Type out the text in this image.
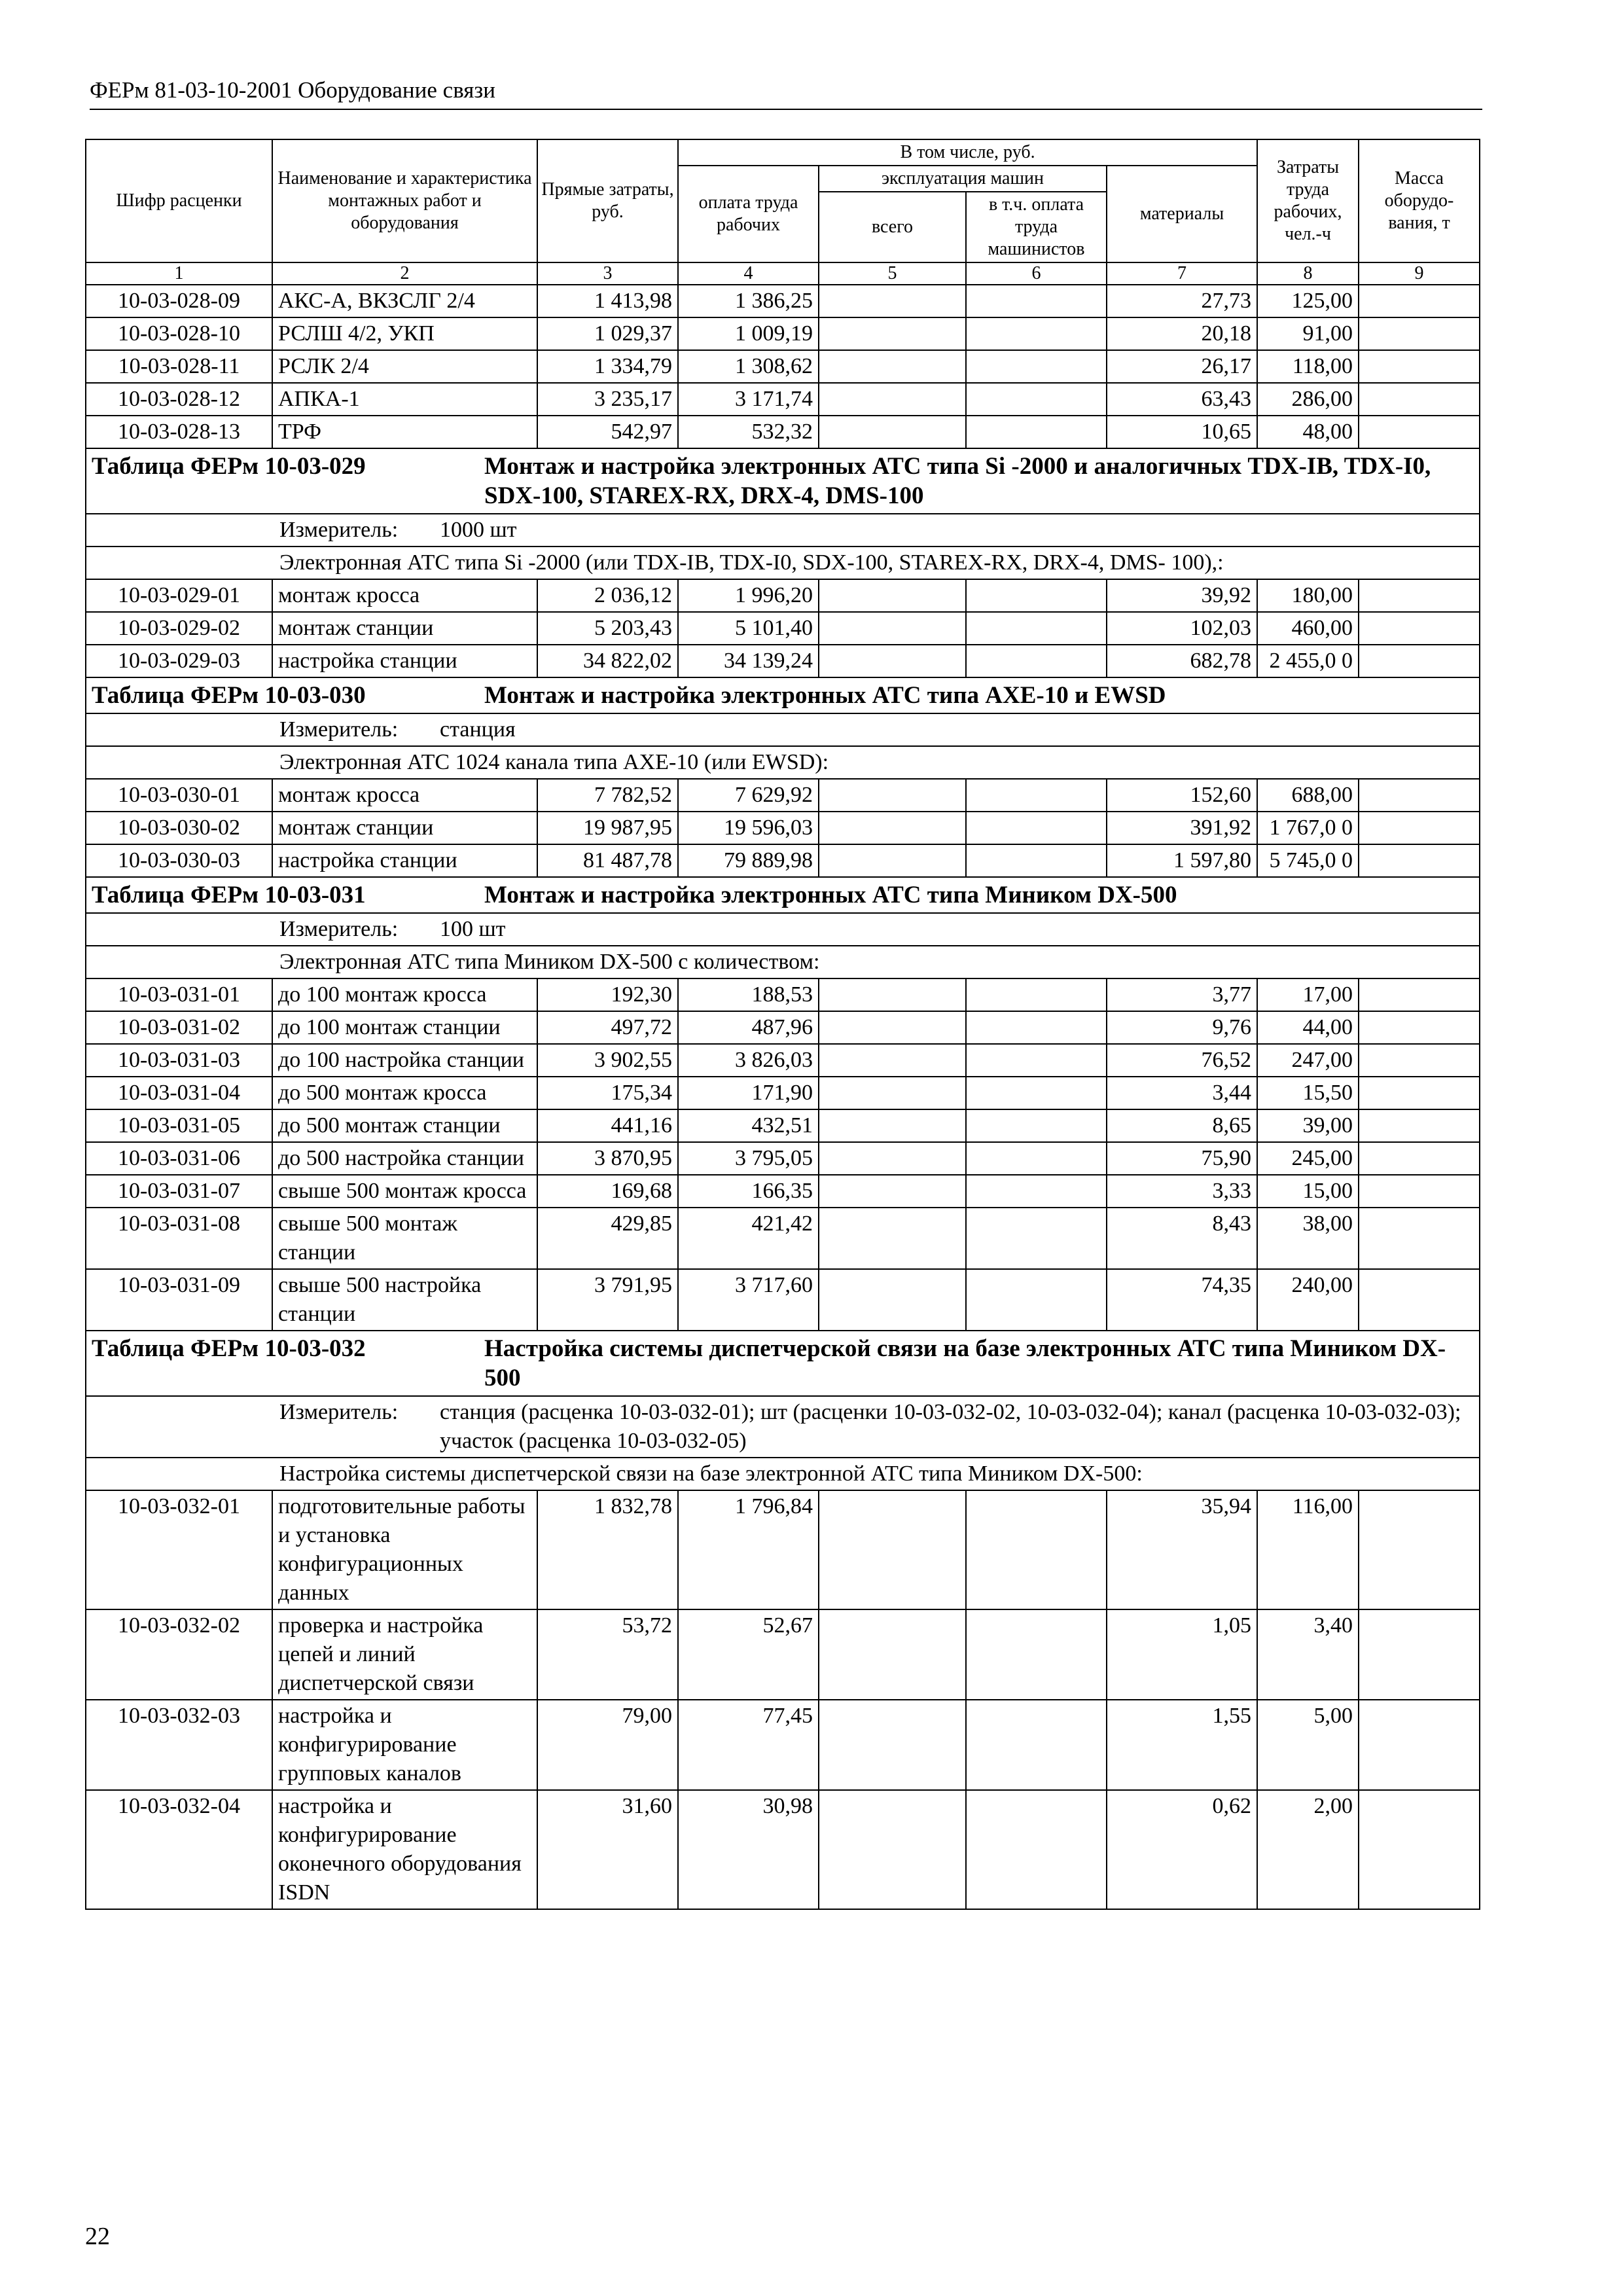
ФЕРм 81-03-10-2001 Оборудование связи
Шифр расценки	Наименование и характеристика монтажных работ и оборудования	Прямые затраты, руб.	В том числе, руб.				Затраты труда рабочих, чел.-ч	Масса оборудо-вания, т
			оплата труда рабочих	эксплуатация машин		материалы		
				всего	в т.ч. оплата труда машинистов			
1	2	3	4	5	6	7	8	9
10-03-028-09	АКС-А, ВКЗСЛГ 2/4	1 413,98	1 386,25			27,73	125,00	
10-03-028-10	РСЛШ 4/2, УКП	1 029,37	1 009,19			20,18	91,00	
10-03-028-11	РСЛК 2/4	1 334,79	1 308,62			26,17	118,00	
10-03-028-12	АПКА-1	3 235,17	3 171,74			63,43	286,00	
10-03-028-13	ТРФ	542,97	532,32			10,65	48,00	
Таблица ФЕРм 10-03-029 Монтаж и настройка электронных АТС типа Si -2000 и аналогичных TDX-IB, TDX-I0, SDX-100, STAREX-RX, DRX-4, DMS-100								
Измеритель: 1000 шт								
Электронная АТС типа Si -2000 (или TDX-IB, TDX-I0, SDX-100, STAREX-RX, DRX-4, DMS- 100),:								
10-03-029-01	монтаж кросса	2 036,12	1 996,20			39,92	180,00	
10-03-029-02	монтаж станции	5 203,43	5 101,40			102,03	460,00	
10-03-029-03	настройка станции	34 822,02	34 139,24			682,78	2 455,0 0	
Таблица ФЕРм 10-03-030 Монтаж и настройка электронных АТС типа AXE-10 и EWSD								
Измеритель: станция								
Электронная АТС 1024 канала типа AXE-10 (или EWSD):								
10-03-030-01	монтаж кросса	7 782,52	7 629,92			152,60	688,00	
10-03-030-02	монтаж станции	19 987,95	19 596,03			391,92	1 767,0 0	
10-03-030-03	настройка станции	81 487,78	79 889,98			1 597,80	5 745,0 0	
Таблица ФЕРм 10-03-031 Монтаж и настройка электронных АТС типа Миником DX-500								
Измеритель: 100 шт								
Электронная АТС типа Миником DX-500 с количеством:								
10-03-031-01	до 100 монтаж кросса	192,30	188,53			3,77	17,00	
10-03-031-02	до 100 монтаж станции	497,72	487,96			9,76	44,00	
10-03-031-03	до 100 настройка станции	3 902,55	3 826,03			76,52	247,00	
10-03-031-04	до 500 монтаж кросса	175,34	171,90			3,44	15,50	
10-03-031-05	до 500 монтаж станции	441,16	432,51			8,65	39,00	
10-03-031-06	до 500 настройка станции	3 870,95	3 795,05			75,90	245,00	
10-03-031-07	свыше 500 монтаж кросса	169,68	166,35			3,33	15,00	
10-03-031-08	свыше 500 монтаж станции	429,85	421,42			8,43	38,00	
10-03-031-09	свыше 500 настройка станции	3 791,95	3 717,60			74,35	240,00	
Таблица ФЕРм 10-03-032 Настройка системы диспетчерской связи на базе электронных АТС типа Миником DX-500								
Измеритель: станция (расценка 10-03-032-01); шт (расценки 10-03-032-02, 10-03-032-04); канал (расценка 10-03-032-03); участок (расценка 10-03-032-05)								
Настройка системы диспетчерской связи на базе электронной АТС типа Миником DX-500:								
10-03-032-01	подготовительные работы и установка конфигурационных данных	1 832,78	1 796,84			35,94	116,00	
10-03-032-02	проверка и настройка цепей и линий диспетчерской связи	53,72	52,67			1,05	3,40	
10-03-032-03	настройка и конфигурирование групповых каналов	79,00	77,45			1,55	5,00	
10-03-032-04	настройка и конфигурирование оконечного оборудования ISDN	31,60	30,98			0,62	2,00	
22
